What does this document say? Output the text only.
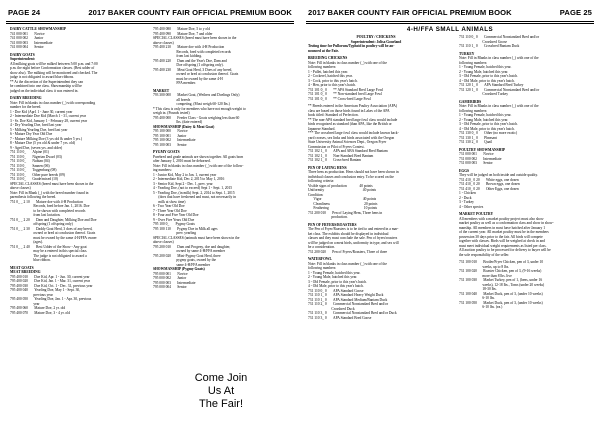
PAGE 24	2017 BAKER COUNTY FAIR OFFICIAL PREMIUM BOOK
DAIRY CATTLE SHOWMANSHIP
741 000 001       Novice
741 000 002       Junior
741 000 003       Intermediate
741 000 004       Senior
DAIRY GOATS
Superintendent:
All milking goats will be milked between 5:00 p.m. and 7:00
p.m. the night before Conformation classes. (Best udder of
show also). The milking will be monitored and checked. The
judge is not obligated to award blue ribbons.
** At the discretion of the Superintendent they can
be combined into one class. Showmanship will be
judged on the individual class it was entered in.
DAIRY BREEDING
Note: Fill in blanks in class number (_) with corresponding
number for the breed.
1 - Doe Kid (Apr1 1 - June 30, current year
2 - Intermediate Doe Kid (March 1 - 31, current year
3 - Sr. Doe Kid, January 1 - February 28, current year
4 - Dry Yearling Doe, bred last year
5 - Milking Yearling Doe, bred last year
6 - Mature Dry Year Old Doe
7 - Mature Milking Doe (3 yrs old & under 5 yrs.)
8 - Mature Doe (5 yrs old & under 7 yrs. old)
9 - Aged Doe, (seven yrs. and older)
751 110 0_       Alpine (01)
751 110 0_       Nigerian Dwarf (03)
751 110 0_       Nubian (04)
751 110 0_       Saanen (06)
751 110 0_       Toggenburg (08)
751 110 0_       Other pure breeds (09)
751 110 0_       Grade/mixed (10)
SPECIAL CLASSES (breed must have been shown in the
above classes)
Note: Fill in Blank (_) with the breed number found in
parenthesis following the breed.
751 0_ _ 2 10       Mature doe with 4-H Production
Records, bred before Jan. 1, 2016. Doe
to be shown with completed records
from last lactation.
751 0_ _ 2 20       Dam and Daughter, Milking Doe and Doe
offspring (1 offspring only)
751 0_ _ 2 30       Daddy Goat Herd, 3 does of any breed,
owned or bred at conclusion thereof. Goats
must be owned by the same 4-H/FFA owner
(ages).
751 0_ _ 2 40       Best Udder of the Show - Any goat
may be a entered in this special class.
The judge is not obligated to award a
blue ribbon.
MEAT GOATS
MEAT BREEDING
795 400 010       Doe Kid, Apr. 1 - Jun. 30, current year
795 400 020       Doe Kid, Jan. 1 - Mar. 31, current year
795 400 030       Doe Kid, Oct. 1 - Dec. 31, previous year
795 400 040       Yearling Doe, May 1 - Sept. 30,
previous year
795 400 050       Yearling Doe, Jan. 1 - Apr. 30, previous
year
795 400 060       Mature Doe, 2 yr. old
795 400 070       Mature Doe, 3 - 4 yr. old
795 400 080       Mature Doe, 5 to y old
795 400 090       Mature Doe, 7 and older
SPECIAL CLASSES (breed must have been shown in the
above classes)
795 400 210       Mature doe with 4-H Production
Records, bred with completed records
from last kidding.
795 400 220       Dam and the Year's Doe, Dam and
Doe offspring (1 offspring only).
795 400 230       Meat Goat Herd, 3 Does of any breed,
owned or bred at conclusion thereof. Goats
must be owned by the same 4-H
FFA member.
MARKET
793 300 000       Market Goat, (Wethers and Doelings Only)
all breeds
competing, (Must weigh 60-120 lbs.)
* This class is only for members who have not enough weight to
weigh in. (Pounds tested)
795 400 000       Feeder Class - Goats weighing less than 60
lbs. (date entered)
SHOWMANSHIP (Dairy & Meat Goat)
795 100 000       Novice
795 100 001       Junior
795 100 002       Intermediate
795 100 003       Senior
PYGMY GOATS
Purebred and grade animals are shown together. All goats born
after January 1, 2016 must be dehorned.
Note: Fill in blanks in class number (_) with one of the follow-
ing numbers:
1 - Junior Kid, May 2 to Jan. 1, current year
2 - Intermediate Kid, Dec 2, 2015 to May 1, 2016
3 - Senior Kid, Sept 2 - Dec. 1, prev. year
4 - Yearling Doe, (not to exceed) Sept 1 - Sept. 1, 2015
5 - Yearling Doe, (in milk) Sept. 2, 2014 to Sept. 1, 2015
(does that have freshened and must, not necessarily in
milk at show time)
6 - Two Year Old Doe
7 - Three Year Old Doe
8 - Four and Five Year Old Doe
9 - Over Five Years Old Doe
795 100 0_       Pygmy Goats
795 100 110       Pygmy Doe in Milk all ages
prev. yearling
SPECIAL CLASSES (animals must have been shown in the
above classes)
795 200 010       Dam and Progeny, doe and daughter,
owned by same 4-H/FFA member
795 200 020       Mini-Pygmy Goat Herd, three
pygmy goats, owned by the
same 4-H/FFA member
SHOWMANSHIP (Pygmy Goats)
795 000 001       Novice
795 000 002       Junior
795 000 003       Intermediate
795 000 004       Senior
Come Join
Us At
The Fair!
2017 BAKER COUNTY FAIR OFFICIAL PREMIUM BOOK	PAGE 25
4-H/FFA SMALL ANIMALS
POULTRY / CHICKENS
Superintendent: Jolisa Gourland
Testing time for Pullorum/Typhoid in poultry will be an-
nounced at the Fair.
BREEDING CHICKENS
Note: Fill in blanks in class number (_) with one of the
following numbers:
1 - Pullet, hatched this year.
2 - Cockerel, hatched this year.
3 - Cock, prior to this year's hatch.
4 - Hen, prior to this year's hatch.
731 101 0_ 0       ** APA Standard Bred Large Fowl
731 101 0_ 0       ** Non-standard bred Large Fowl
731 101 0_ 0       ** Cross-bred Large Fowl
** Breeds entered in the American Poultry Association (APA)
class are based on those birds found in Lakes of the APA
book titled: Standard of Perfection.
** The non-APA standard bred large fowl class would include
birds recognized as standard (than APA, like the British or
Japanese Standard.
*** The crossbred large fowl class would include known back-
yard crosses, sex links and birds associated with the Oregon
State University Animal Sciences Dept., Oregon Fryer
Commission or Pilot of Fryers Contest.
731 102 1_ 0       APA and ABA Standard Bred Bantam
731 102 1_ 0       Non-Standard Bred Bantam
731 102 1_ 0       Cross-bred Bantam
PEN OF LAYING HENS
Three hens as production. Hens should not have been shown in
individual classes and conclusion entry. To be scored on the
following criteria:
Visible signs of production              40 points
Uniformity                                           40 points
Condition:
Vigor                                              40 points
Cleanliness                                      20 points
Feathering                                       10 points
731 200 010       Pen of Laying Hens, Three hens in
production.
PEN OF FRYERS/ROASTERS
The Pen of Fryer/Roasters is to be tied to and entered in a mar-
ket class. The exhibits should be displayed in individual
classes and they must conclude the sale. Pen of fryers/roasters
will be judged on a meat birds, uniformity in type, and sex will
be a consideration.
731 200 020       Pen of Fryers/Roasters, Three of three
WATERFOWL
Note: Fill in blanks in class number (_) with one of the
following numbers:
1 - Young Female, hatched this year.
2 - Young Male, hatched this year.
3 - Old Female, prior to this year's hatch.
4 - Old Male, prior to this year's hatch.
731 110 0_ 0       APA Standard Goose
731 110 1_ 0       APA Standard Heavy Weight Duck
731 110 1_ 0       APA Standard Medium/Bantam Duck
731 110 2_ 0       Commercial Nonstandard Bred and/or
Crossbred Duck
731 110 3_ 0       Commercial Nonstandard Bred and/or Duck
731 110 3_ 0       APA Standard Bred Goose
731 110 0_ 0       Commercial Nonstandard Bred and/or
Crossbred Goose
731 110 1_ 0       Crossbred Bantam Duck
TURKEY
Note: Fill in Blanks in class number (_) with one of the
following numbers:
1 - Young Female, hatched this year.
2 - Young Male, hatched this year.
3 - Old Female, prior to this year's hatch.
4 - Old Male, prior to this year's hatch.
731 120 1_ 0       APA Standard Bred Turkey
731 120 1_ 0       Commercial Nonstandard Bred and/or
Crossbred Turkey
GAMEBIRDS
Note: Fill in Blanks in class number (_) with one of the
following numbers:
1 - Young Female, hatched this year.
2 - Young Male, hatched this year.
3 - Old Female, prior to this year's hatch.
4 - Old Male, prior to this year's hatch.
731 130 0_ 0       Other (no more exotic)
731 130 1_ 0       Pheasant
731 130 2_ 0       Quail
POULTRY SHOWMANSHIP
731 000 001       Novice
731 000 002       Intermediate
731 000 003       Senior
EGGS
They will be judged on both inside and outside quality.
731 410_ 0 20       White eggs, one dozen
731 410_ 0 20       Brown eggs, one dozen
731 410_ 0 20       Other Eggs, one dozen
1 - Chicken
2 - Duck
3 - Turkey
4 - Other species
MARKET POULTRY
All members with a market poultry project must also show
market poultry as well as a conformation class and show in show-
manship. All members in most have hatched after January 1
of the current year. All market poultry must be in the members
possession 30 days prior to the fair. All birds will compete
together with classes. Birds will be weighed at check in and
must meet individual weight requirements as listed per class.
All auction poultry to be processed for delivery to buyer will be
the sole responsibility of the seller.
731 100 010       Broiler/Fryer Chicken, pen of 3, under 10
weeks, up to 8 lbs.
731 100 020       Roaster Chicken, pen of 3, (9-16 weeks)
more than 8 lbs. live
731 100 030       Market Turkey, pen of 1, (hens, under 16
weeks), 12-18 lbs., Toms (under 20 weeks)
18-30 lbs.
731 100 040       Market Duck, pen of 3, (under 10 weeks)
6-10 lbs.
731 100 050       Market Duck, pen of 3, (under 10 weeks)
6-10 lbs. (ea.)
